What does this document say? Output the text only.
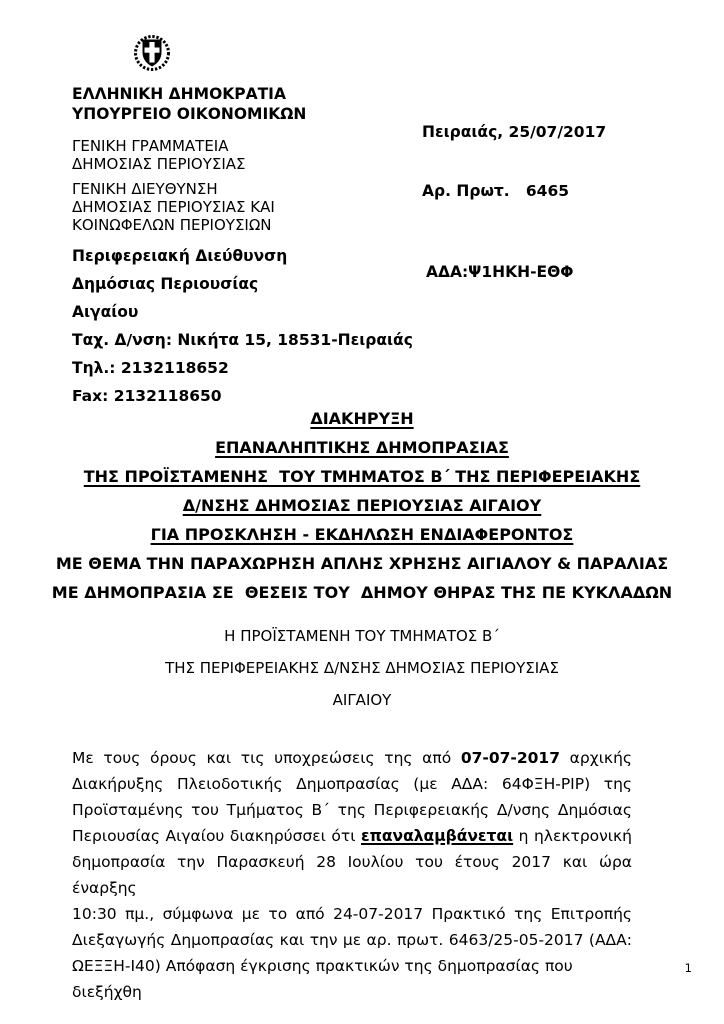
ΕΛΛΗΝΙΚΗ ΔΗΜΟΚΡΑΤΙΑ
ΥΠΟΥΡΓΕΙΟ ΟΙΚΟΝΟΜΙΚΩΝ
ΓΕΝΙΚΗ ΓΡΑΜΜΑΤΕΙΑ
ΔΗΜΟΣΙΑΣ ΠΕΡΙΟΥΣΙΑΣ
ΓΕΝΙΚΗ ΔΙΕΥΘΥΝΣΗ
ΔΗΜΟΣΙΑΣ ΠΕΡΙΟΥΣΙΑΣ ΚΑΙ
ΚΟΙΝΩΦΕΛΩΝ ΠΕΡΙΟΥΣΙΩΝ
Περιφερειακή Διεύθυνση
Δημόσιας Περιουσίας
Αιγαίου
Ταχ. Δ/νση: Νικήτα 15, 18531-Πειραιάς
Τηλ.: 2132118652
Fax: 2132118650

Πειραιάς, 25/07/2017

Αρ. Πρωτ.   6465

ΑΔΑ:Ψ1ΗΚΗ-ΕΘΦ

ΔΙΑΚΗΡΥΞΗ
ΕΠΑΝΑΛΗΠΤΙΚΗΣ ΔΗΜΟΠΡΑΣΙΑΣ
ΤΗΣ ΠΡΟΪΣΤΑΜΕΝΗΣ  ΤΟΥ ΤΜΗΜΑΤΟΣ Β΄ ΤΗΣ ΠΕΡΙΦΕΡΕΙΑΚΗΣ
Δ/ΝΣΗΣ ΔΗΜΟΣΙΑΣ ΠΕΡΙΟΥΣΙΑΣ ΑΙΓΑΙΟΥ
ΓΙΑ ΠΡΟΣΚΛΗΣΗ - ΕΚΔΗΛΩΣΗ ΕΝΔΙΑΦΕΡΟΝΤΟΣ
ΜΕ ΘΕΜΑ ΤΗΝ ΠΑΡΑΧΩΡΗΣΗ ΑΠΛΗΣ ΧΡΗΣΗΣ ΑΙΓΙΑΛΟΥ & ΠΑΡΑΛΙΑΣ
ΜΕ ΔΗΜΟΠΡΑΣΙΑ ΣΕ  ΘΕΣΕΙΣ ΤΟΥ  ΔΗΜΟΥ ΘΗΡΑΣ ΤΗΣ ΠΕ ΚΥΚΛΑΔΩΝ
Η ΠΡΟΪΣΤΑΜΕΝΗ ΤΟΥ ΤΜΗΜΑΤΟΣ Β΄
ΤΗΣ ΠΕΡΙΦΕΡΕΙΑΚΗΣ Δ/ΝΣΗΣ ΔΗΜΟΣΙΑΣ ΠΕΡΙΟΥΣΙΑΣ
ΑΙΓΑΙΟΥ
Με τους όρους και τις υποχρεώσεις της από 07-07-2017 αρχικής
Διακήρυξης Πλειοδοτικής Δημοπρασίας (με ΑΔΑ: 64ΦΞΗ-ΡΙΡ) της
Προϊσταμένης του Τμήματος Β΄ της Περιφερειακής Δ/νσης Δημόσιας
Περιουσίας Αιγαίου διακηρύσσει ότι επαναλαμβάνεται η ηλεκτρονική
δημοπρασία την Παρασκευή 28 Ιουλίου του έτους 2017 και ώρα έναρξης
10:30 πμ., σύμφωνα με το από 24-07-2017 Πρακτικό της Επιτροπής
Διεξαγωγής Δημοπρασίας και την με αρ. πρωτ. 6463/25-05-2017 (ΑΔΑ:
ΩΕΞΞΗ-Ι40) Απόφαση έγκρισης πρακτικών της δημοπρασίας που διεξήχθη
1
